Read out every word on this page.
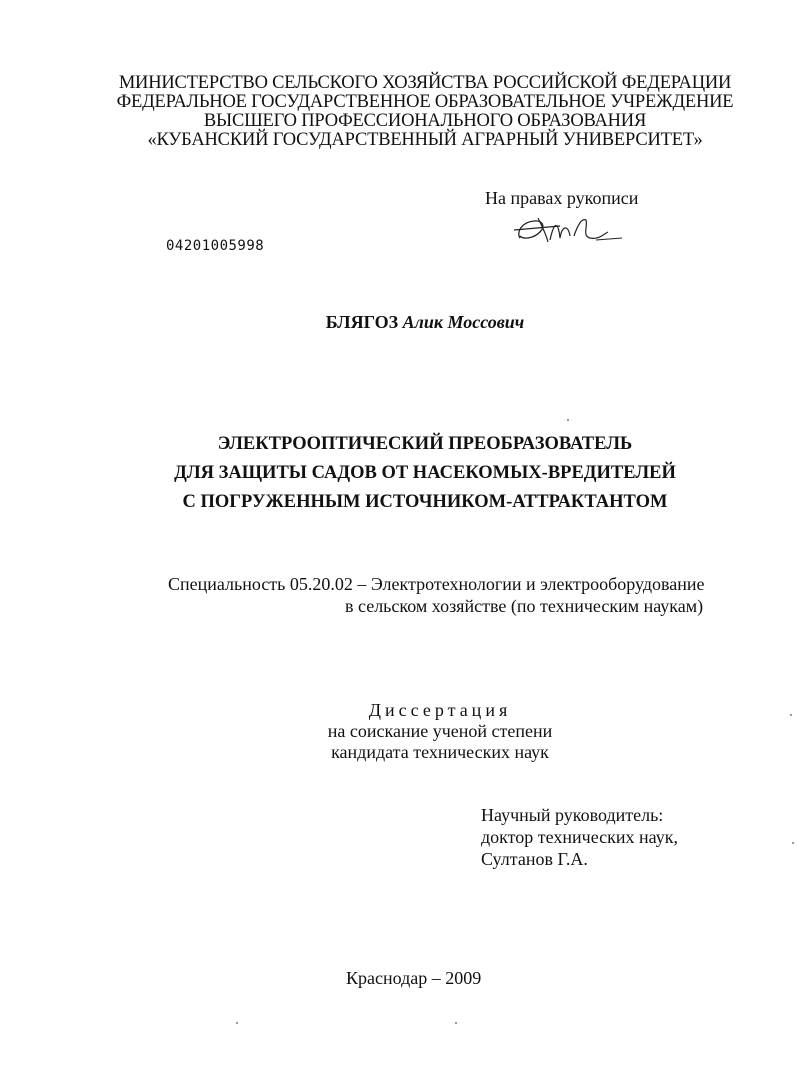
МИНИСТЕРСТВО СЕЛЬСКОГО ХОЗЯЙСТВА РОССИЙСКОЙ ФЕДЕРАЦИИ
ФЕДЕРАЛЬНОЕ ГОСУДАРСТВЕННОЕ ОБРАЗОВАТЕЛЬНОЕ УЧРЕЖДЕНИЕ
ВЫСШЕГО ПРОФЕССИОНАЛЬНОГО ОБРАЗОВАНИЯ
«КУБАНСКИЙ ГОСУДАРСТВЕННЫЙ АГРАРНЫЙ УНИВЕРСИТЕТ»
На правах рукописи
04201005998
БЛЯГОЗ Алик Моссович
ЭЛЕКТРООПТИЧЕСКИЙ ПРЕОБРАЗОВАТЕЛЬ
ДЛЯ ЗАЩИТЫ САДОВ ОТ НАСЕКОМЫХ-ВРЕДИТЕЛЕЙ
С ПОГРУЖЕННЫМ ИСТОЧНИКОМ-АТТРАКТАНТОМ
Специальность 05.20.02 – Электротехнологии и электрооборудование
в сельском хозяйстве (по техническим наукам)
Диссертация
на соискание ученой степени
кандидата технических наук
Научный руководитель:
доктор технических наук,
Султанов Г.А.
Краснодар – 2009
